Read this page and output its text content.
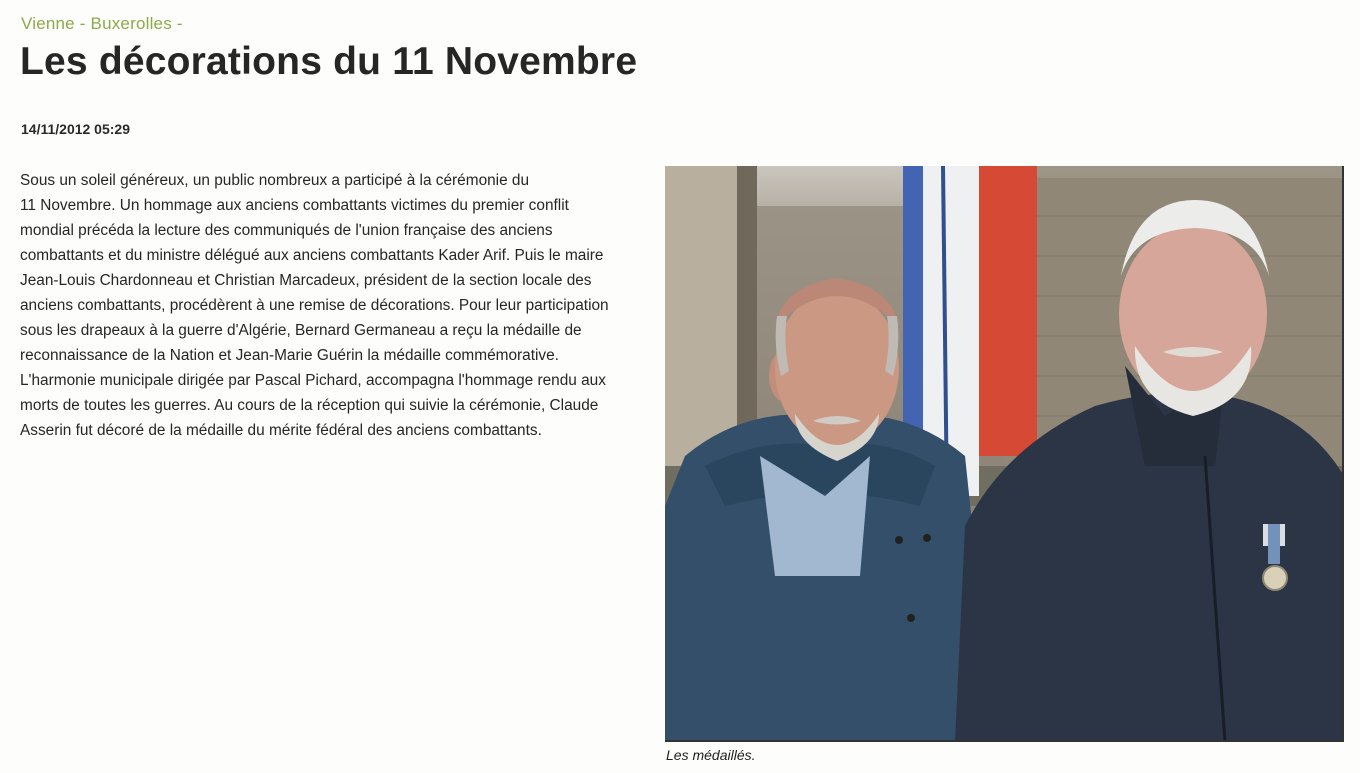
Vienne - Buxerolles -
Les décorations du 11 Novembre
14/11/2012 05:29
Sous un soleil généreux, un public nombreux a participé à la cérémonie du
11 Novembre. Un hommage aux anciens combattants victimes du premier conflit
mondial précéda la lecture des communiqués de l'union française des anciens
combattants et du ministre délégué aux anciens combattants Kader Arif. Puis le maire
Jean-Louis Chardonneau et Christian Marcadeux, président de la section locale des
anciens combattants, procédèrent à une remise de décorations. Pour leur participation
sous les drapeaux à la guerre d'Algérie, Bernard Germaneau a reçu la médaille de
reconnaissance de la Nation et Jean-Marie Guérin la médaille commémorative.
L'harmonie municipale dirigée par Pascal Pichard, accompagna l'hommage rendu aux
morts de toutes les guerres. Au cours de la réception qui suivie la cérémonie, Claude
Asserin fut décoré de la médaille du mérite fédéral des anciens combattants.
Les médaillés.
